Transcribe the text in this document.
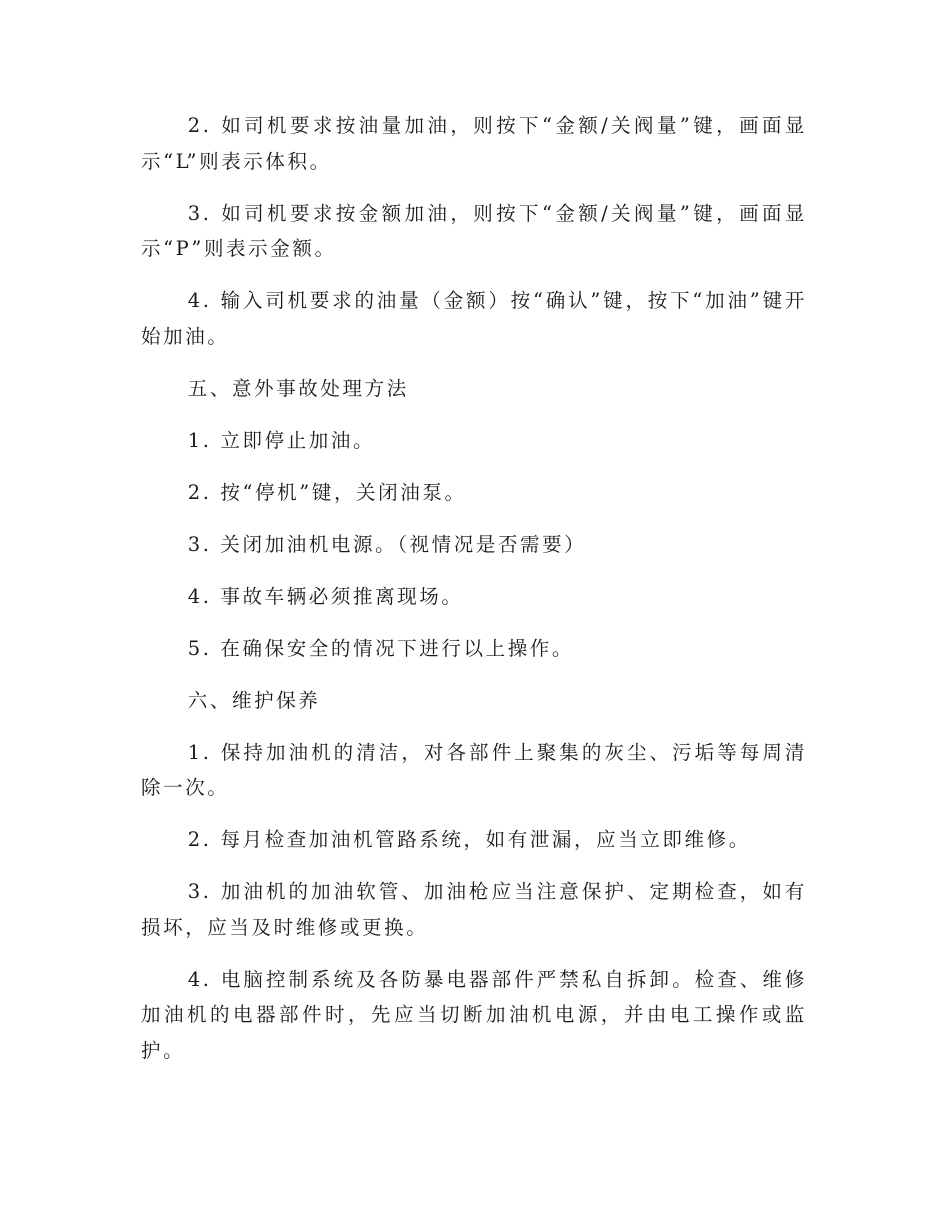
2. 如司机要求按油量加油，则按下“金额/关阀量”键，画面显示“L”则表示体积。

3. 如司机要求按金额加油，则按下“金额/关阀量”键，画面显示“P”则表示金额。

4. 输入司机要求的油量（金额）按“确认”键，按下“加油”键开始加油。

五、意外事故处理方法

1. 立即停止加油。

2. 按“停机”键，关闭油泵。

3. 关闭加油机电源。（视情况是否需要）

4. 事故车辆必须推离现场。

5. 在确保安全的情况下进行以上操作。

六、维护保养

1. 保持加油机的清洁，对各部件上聚集的灰尘、污垢等每周清除一次。

2. 每月检查加油机管路系统，如有泄漏，应当立即维修。

3. 加油机的加油软管、加油枪应当注意保护、定期检查，如有损坏，应当及时维修或更换。

4. 电脑控制系统及各防暴电器部件严禁私自拆卸。检查、维修加油机的电器部件时，先应当切断加油机电源，并由电工操作或监护。
